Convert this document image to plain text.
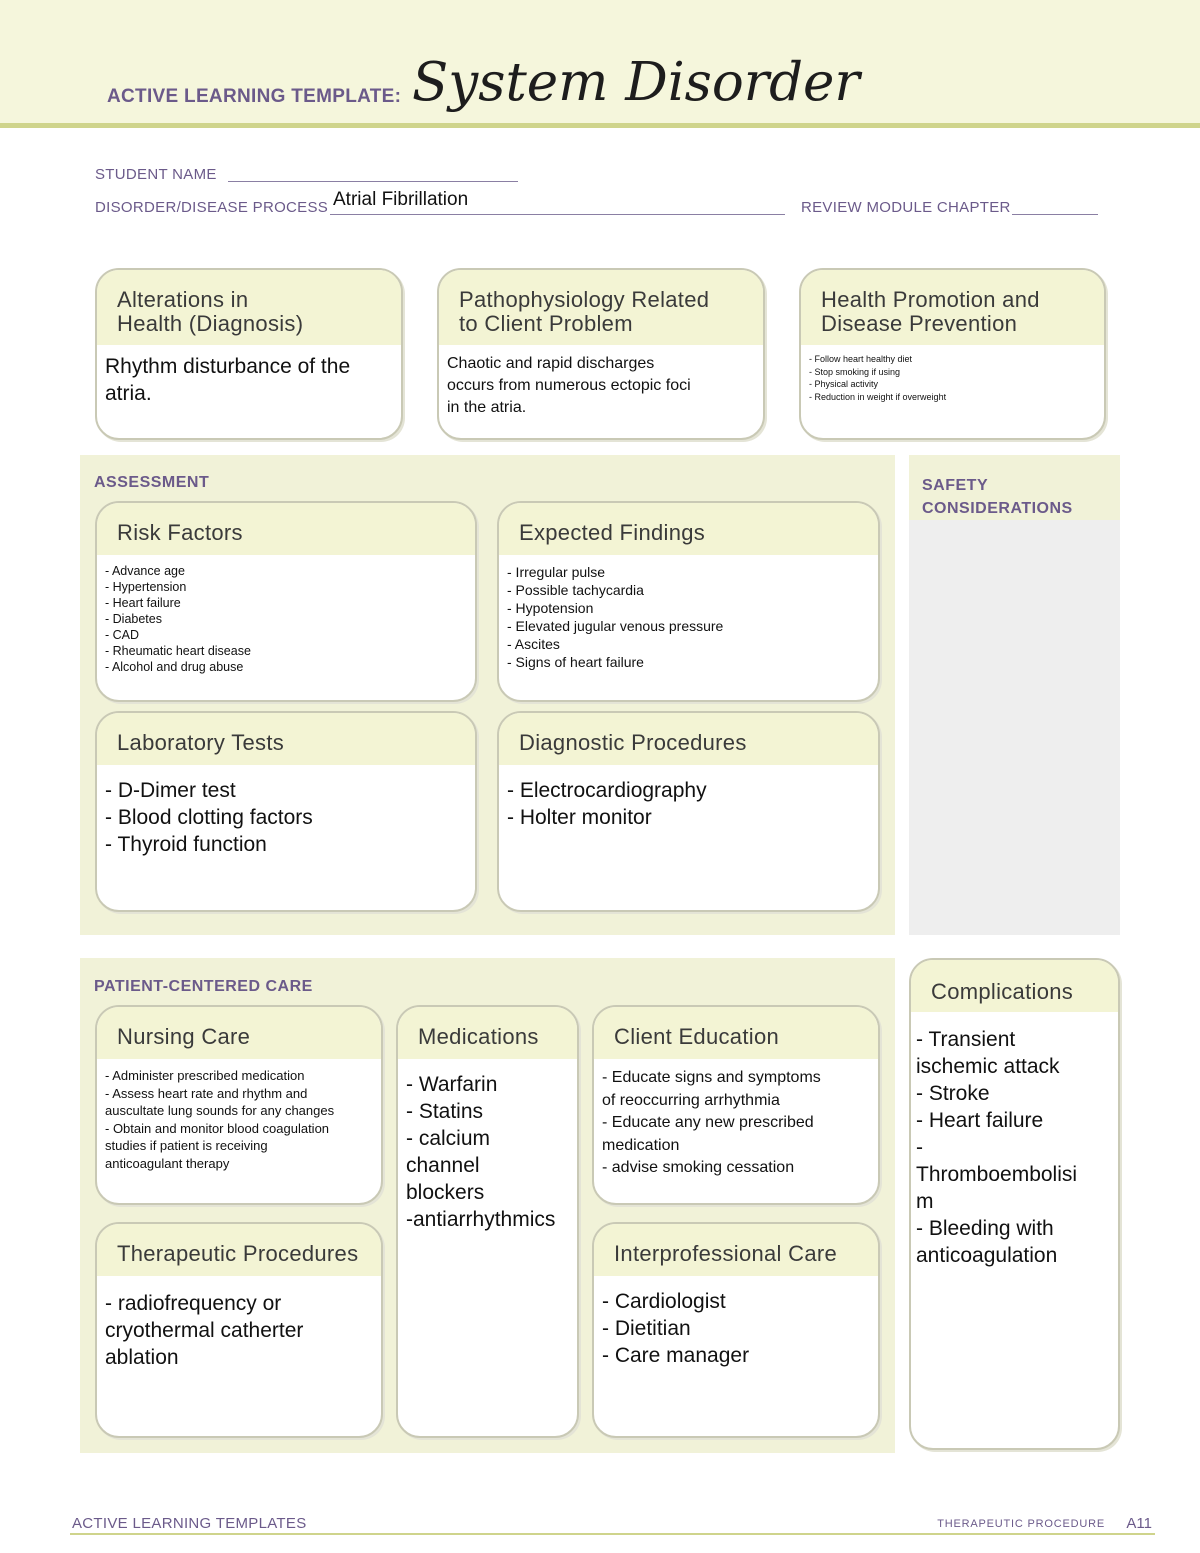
ACTIVE LEARNING TEMPLATE: System Disorder
STUDENT NAME
DISORDER/DISEASE PROCESS Atrial Fibrillation	REVIEW MODULE CHAPTER
Alterations in
Health (Diagnosis)
Rhythm disturbance of the
atria.
Pathophysiology Related
to Client Problem
Chaotic and rapid discharges
occurs from numerous ectopic foci
in the atria.
Health Promotion and
Disease Prevention
- Follow heart healthy diet
- Stop smoking if using
- Physical activity
- Reduction in weight if overweight
ASSESSMENT
Risk Factors
- Advance age
- Hypertension
- Heart failure
- Diabetes
- CAD
- Rheumatic heart disease
- Alcohol and drug abuse
Expected Findings
- Irregular pulse
- Possible tachycardia
- Hypotension
- Elevated jugular venous pressure
- Ascites
- Signs of heart failure
Laboratory Tests
- D-Dimer test
- Blood clotting factors
- Thyroid function
Diagnostic Procedures
- Electrocardiography
- Holter monitor
SAFETY
CONSIDERATIONS
PATIENT-CENTERED CARE
Nursing Care
- Administer prescribed medication
- Assess heart rate and rhythm and
auscultate lung sounds for any changes
- Obtain and monitor blood coagulation
studies if patient is receiving
anticoagulant therapy
Medications
- Warfarin
- Statins
- calcium
channel
blockers
-antiarrhythmics
Client Education
- Educate signs and symptoms
of reoccurring arrhythmia
- Educate any new prescribed
medication
- advise smoking cessation
Therapeutic Procedures
- radiofrequency or
cryothermal catherter
ablation
Interprofessional Care
- Cardiologist
- Dietitian
- Care manager
Complications
- Transient
ischemic attack
- Stroke
- Heart failure
-
Thromboembolisi
m
- Bleeding with
anticoagulation
ACTIVE LEARNING TEMPLATES	THERAPEUTIC PROCEDURE A11
